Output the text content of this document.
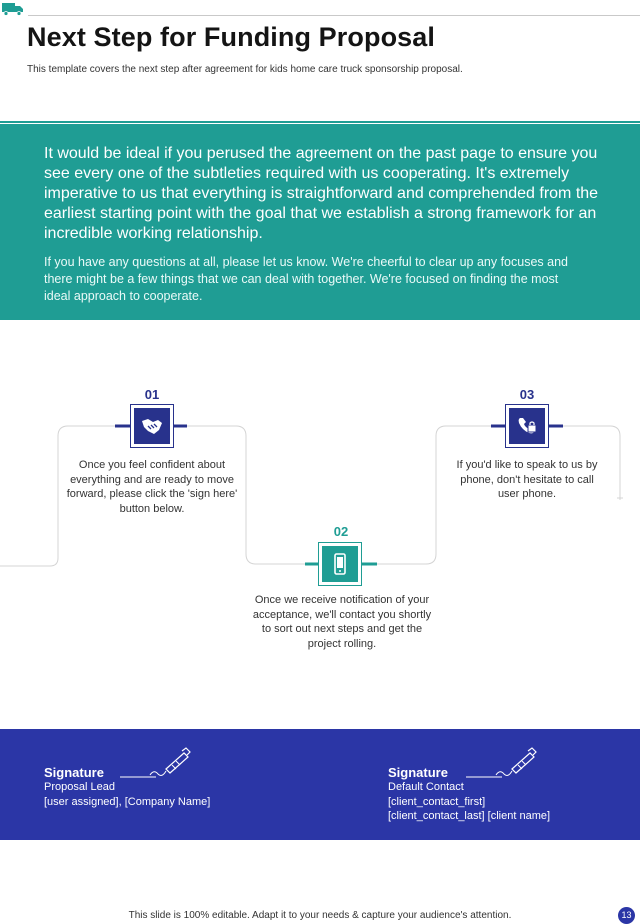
Next Step for Funding Proposal
This template covers the next step after agreement for kids home care truck sponsorship proposal.

It would be ideal if you perused the agreement on the past page to ensure you see every one of the subtleties required with us cooperating. It's extremely imperative to us that everything is straightforward and comprehended from the earliest starting point with the goal that we establish a strong framework for an incredible working relationship.

If you have any questions at all, please let us know. We're cheerful to clear up any focuses and there might be a few things that we can deal with together. We're focused on finding the most ideal approach to cooperate.

01
Once you feel confident about everything and are ready to move forward, please click the 'sign here' button below.
02
Once we receive notification of your acceptance, we'll contact you shortly to sort out next steps and get the project rolling.
03
If you'd like to speak to us by phone, don't hesitate to call user phone.
Signature
Proposal Lead
[user assigned], [Company Name]
Signature
Default Contact
[client_contact_first]
[client_contact_last] [client name]
This slide is 100% editable. Adapt it to your needs & capture your audience's attention.	13
